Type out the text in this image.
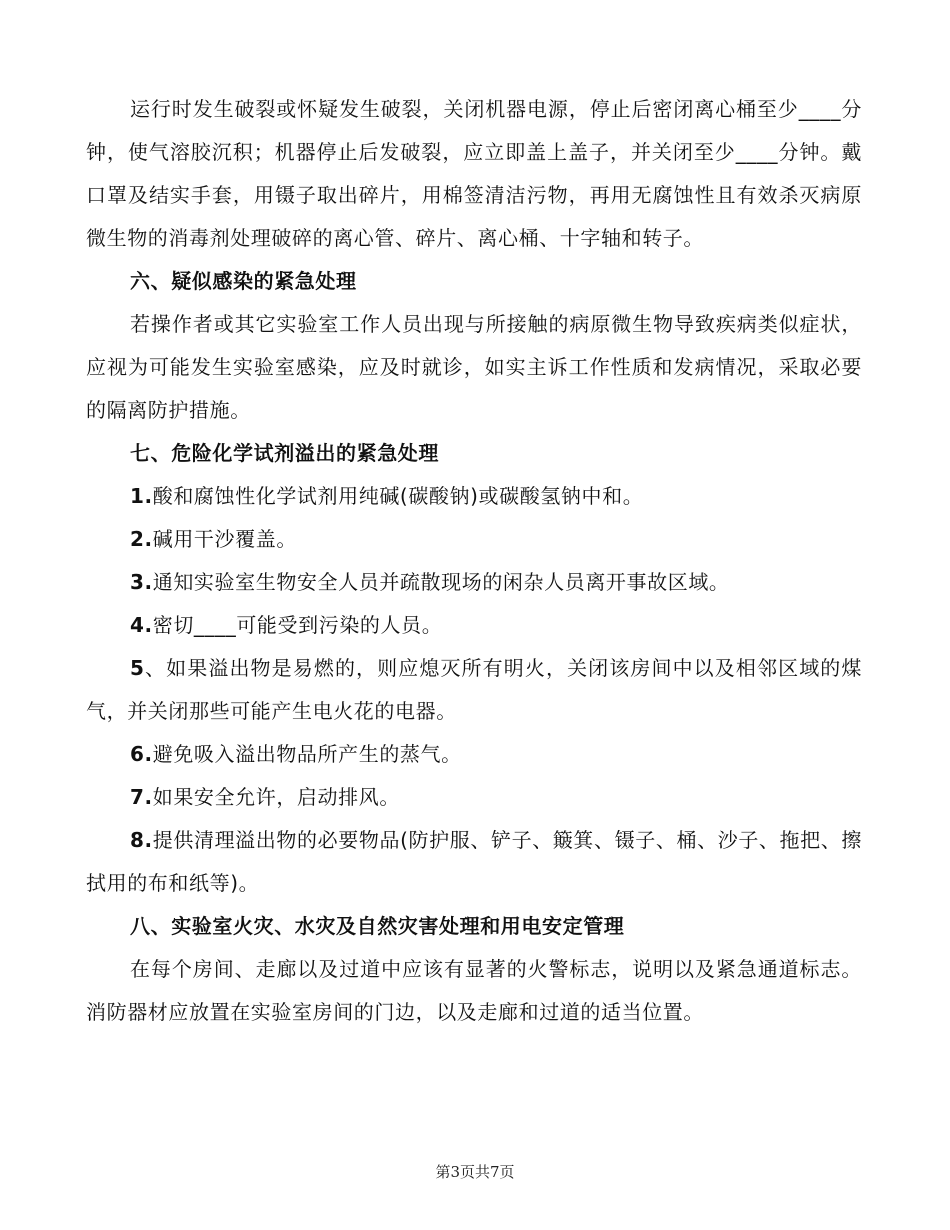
运行时发生破裂或怀疑发生破裂，关闭机器电源，停止后密闭离心桶至少____分钟，使气溶胶沉积；机器停止后发破裂，应立即盖上盖子，并关闭至少____分钟。戴口罩及结实手套，用镊子取出碎片，用棉签清洁污物，再用无腐蚀性且有效杀灭病原微生物的消毒剂处理破碎的离心管、碎片、离心桶、十字轴和转子。

六、疑似感染的紧急处理

若操作者或其它实验室工作人员出现与所接触的病原微生物导致疾病类似症状，应视为可能发生实验室感染，应及时就诊，如实主诉工作性质和发病情况，采取必要的隔离防护措施。

七、危险化学试剂溢出的紧急处理

1.酸和腐蚀性化学试剂用纯碱(碳酸钠)或碳酸氢钠中和。

2.碱用干沙覆盖。

3.通知实验室生物安全人员并疏散现场的闲杂人员离开事故区域。

4.密切____可能受到污染的人员。

5、如果溢出物是易燃的，则应熄灭所有明火，关闭该房间中以及相邻区域的煤气，并关闭那些可能产生电火花的电器。

6.避免吸入溢出物品所产生的蒸气。

7.如果安全允许，启动排风。

8.提供清理溢出物的必要物品(防护服、铲子、簸箕、镊子、桶、沙子、拖把、擦拭用的布和纸等)。

八、实验室火灾、水灾及自然灾害处理和用电安定管理

在每个房间、走廊以及过道中应该有显著的火警标志，说明以及紧急通道标志。消防器材应放置在实验室房间的门边，以及走廊和过道的适当位置。

第3页共7页
